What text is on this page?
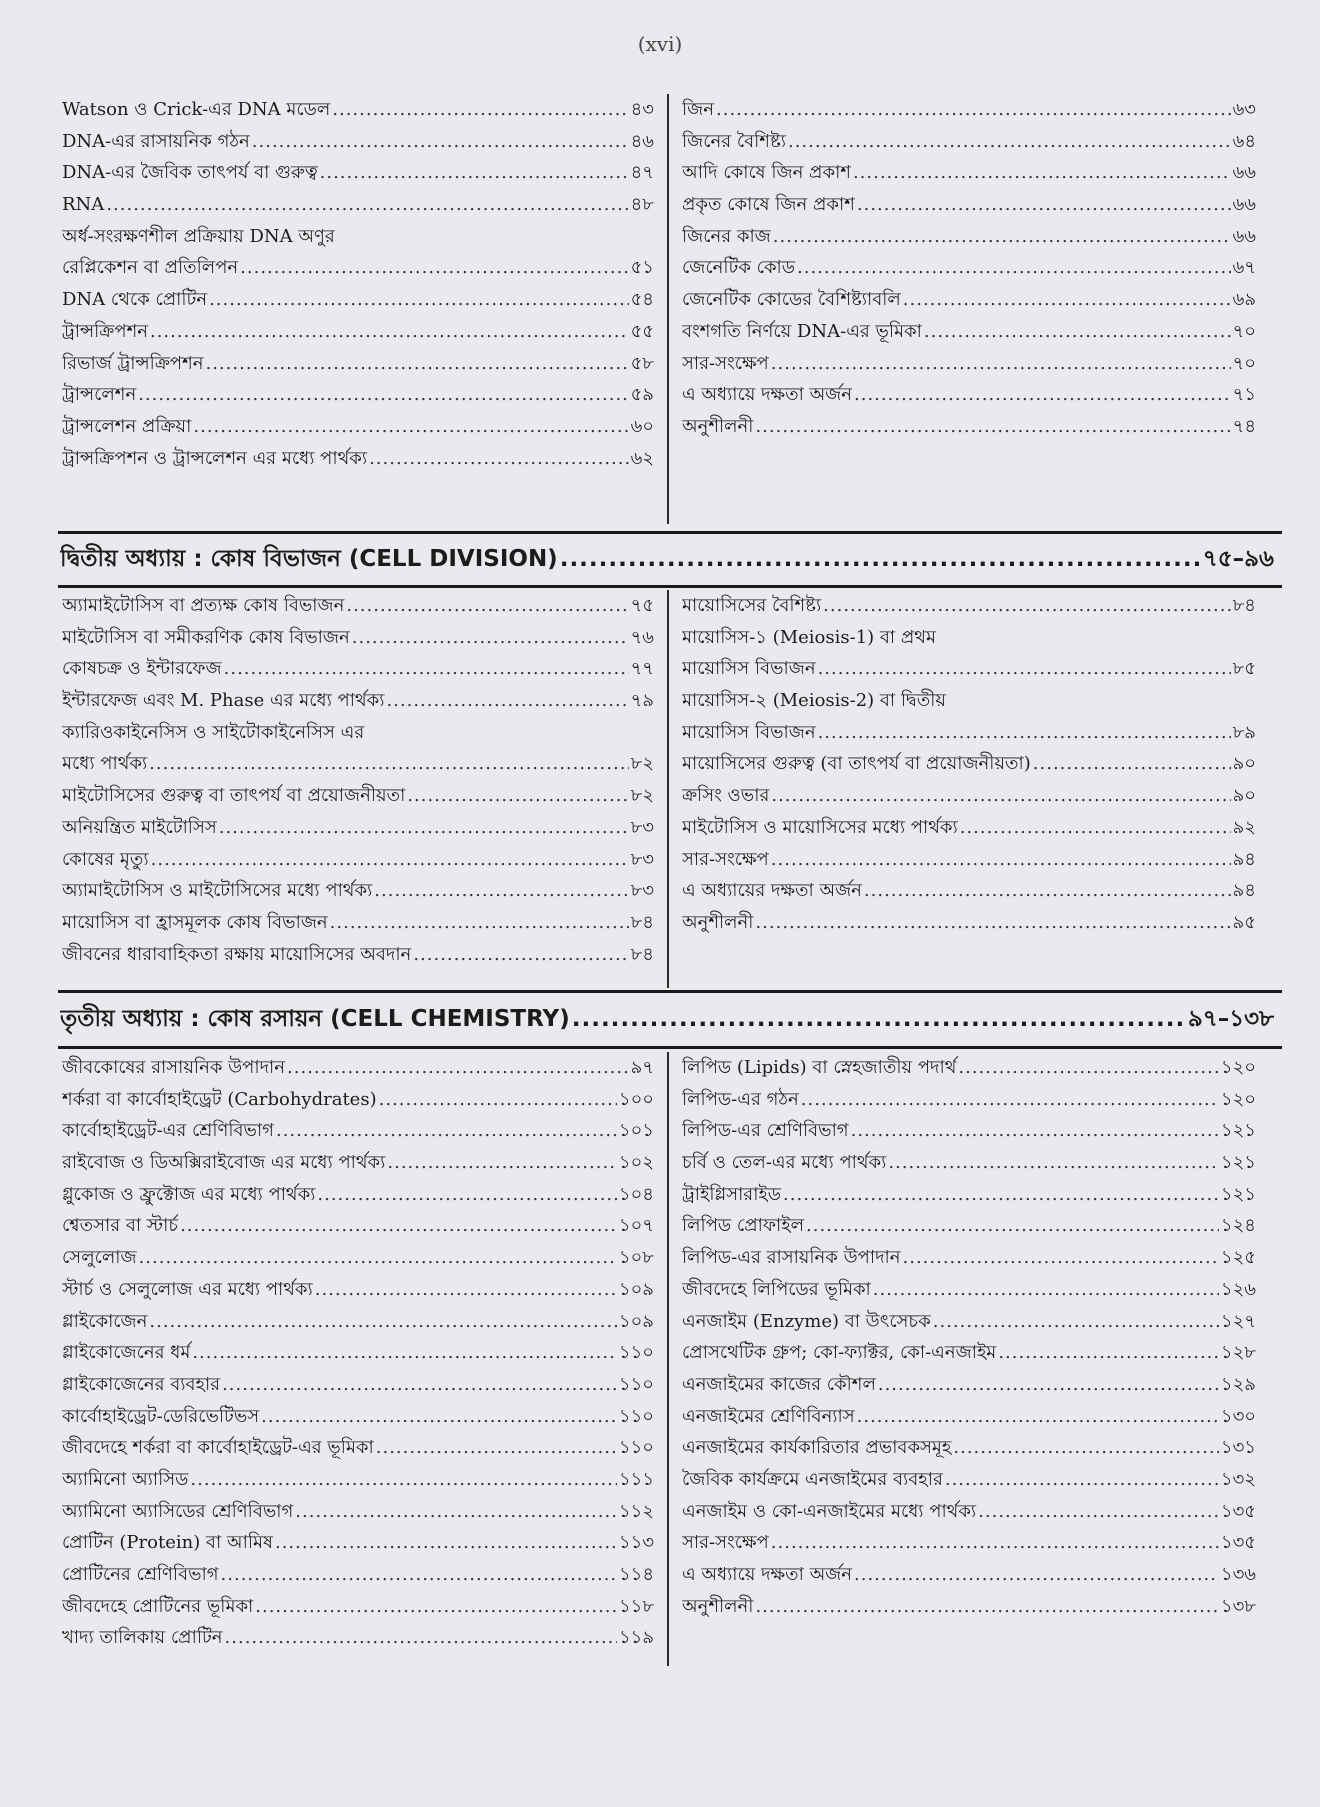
(xvi)
Watson ও Crick-এর DNA মডেল .....	৪৩
DNA-এর রাসায়নিক গঠন .....	৪৬
DNA-এর জৈবিক তাৎপর্য বা গুরুত্ব .....	৪৭
RNA .....	৪৮
অর্ধ-সংরক্ষণশীল প্রক্রিয়ায় DNA অণুর
রেপ্লিকেশন বা প্রতিলিপন .....	৫১
DNA থেকে প্রোটিন .....	৫৪
ট্রান্সক্রিপশন .....	৫৫
রিভার্জ ট্রান্সক্রিপশন .....	৫৮
ট্রান্সলেশন .....	৫৯
ট্রান্সলেশন প্রক্রিয়া .....	৬০
ট্রান্সক্রিপশন ও ট্রান্সলেশন এর মধ্যে পার্থক্য .....	৬২
জিন .....	৬৩
জিনের বৈশিষ্ট্য .....	৬৪
আদি কোষে জিন প্রকাশ .....	৬৬
প্রকৃত কোষে জিন প্রকাশ .....	৬৬
জিনের কাজ .....	৬৬
জেনেটিক কোড .....	৬৭
জেনেটিক কোডের বৈশিষ্ট্যাবলি .....	৬৯
বংশগতি নির্ণয়ে DNA-এর ভূমিকা .....	৭০
সার-সংক্ষেপ .....	৭০
এ অধ্যায়ে দক্ষতা অর্জন .....	৭১
অনুশীলনী .....	৭৪
দ্বিতীয় অধ্যায় : কোষ বিভাজন (CELL DIVISION) .....	৭৫–৯৬
অ্যামাইটোসিস বা প্রত্যক্ষ কোষ বিভাজন .....	৭৫
মাইটোসিস বা সমীকরণিক কোষ বিভাজন .....	৭৬
কোষচক্র ও ইন্টারফেজ .....	৭৭
ইন্টারফেজ এবং M. Phase এর মধ্যে পার্থক্য .....	৭৯
ক্যারিওকাইনেসিস ও সাইটোকাইনেসিস এর
মধ্যে পার্থক্য .....	৮২
মাইটোসিসের গুরুত্ব বা তাৎপর্য বা প্রয়োজনীয়তা .....	৮২
অনিয়ন্ত্রিত মাইটোসিস .....	৮৩
কোষের মৃত্যু .....	৮৩
অ্যামাইটোসিস ও মাইটোসিসের মধ্যে পার্থক্য .....	৮৩
মায়োসিস বা হ্রাসমূলক কোষ বিভাজন .....	৮৪
জীবনের ধারাবাহিকতা রক্ষায় মায়োসিসের অবদান .....	৮৪
মায়োসিসের বৈশিষ্ট্য .....	৮৪
মায়োসিস-১ (Meiosis-1) বা প্রথম
মায়োসিস বিভাজন .....	৮৫
মায়োসিস-২ (Meiosis-2) বা দ্বিতীয়
মায়োসিস বিভাজন .....	৮৯
মায়োসিসের গুরুত্ব (বা তাৎপর্য বা প্রয়োজনীয়তা) .....	৯০
ক্রসিং ওভার .....	৯০
মাইটোসিস ও মায়োসিসের মধ্যে পার্থক্য .....	৯২
সার-সংক্ষেপ .....	৯৪
এ অধ্যায়ের দক্ষতা অর্জন .....	৯৪
অনুশীলনী .....	৯৫
তৃতীয় অধ্যায় : কোষ রসায়ন (CELL CHEMISTRY) .....	৯৭–১৩৮
জীবকোষের রাসায়নিক উপাদান .....	৯৭
শর্করা বা কার্বোহাইড্রেট (Carbohydrates) .....	১০০
কার্বোহাইড্রেট-এর শ্রেণিবিভাগ .....	১০১
রাইবোজ ও ডিঅক্সিরাইবোজ এর মধ্যে পার্থক্য .....	১০২
গ্লুকোজ ও ফ্রুক্টোজ এর মধ্যে পার্থক্য .....	১০৪
শ্বেতসার বা স্টার্চ .....	১০৭
সেলুলোজ .....	১০৮
স্টার্চ ও সেলুলোজ এর মধ্যে পার্থক্য .....	১০৯
গ্লাইকোজেন .....	১০৯
গ্লাইকোজেনের ধর্ম .....	১১০
গ্লাইকোজেনের ব্যবহার .....	১১০
কার্বোহাইড্রেট-ডেরিভেটিভস .....	১১০
জীবদেহে শর্করা বা কার্বোহাইড্রেট-এর ভূমিকা .....	১১০
অ্যামিনো অ্যাসিড .....	১১১
অ্যামিনো অ্যাসিডের শ্রেণিবিভাগ .....	১১২
প্রোটিন (Protein) বা আমিষ .....	১১৩
প্রোটিনের শ্রেণিবিভাগ .....	১১৪
জীবদেহে প্রোটিনের ভূমিকা .....	১১৮
খাদ্য তালিকায় প্রোটিন .....	১১৯
লিপিড (Lipids) বা স্নেহজাতীয় পদার্থ .....	১২০
লিপিড-এর গঠন .....	১২০
লিপিড-এর শ্রেণিবিভাগ .....	১২১
চর্বি ও তেল-এর মধ্যে পার্থক্য .....	১২১
ট্রাইগ্লিসারাইড .....	১২১
লিপিড প্রোফাইল .....	১২৪
লিপিড-এর রাসায়নিক উপাদান .....	১২৫
জীবদেহে লিপিডের ভূমিকা .....	১২৬
এনজাইম (Enzyme) বা উৎসেচক .....	১২৭
প্রোসথেটিক গ্রুপ; কো-ফ্যাক্টর, কো-এনজাইম .....	১২৮
এনজাইমের কাজের কৌশল .....	১২৯
এনজাইমের শ্রেণিবিন্যাস .....	১৩০
এনজাইমের কার্যকারিতার প্রভাবকসমূহ .....	১৩১
জৈবিক কার্যক্রমে এনজাইমের ব্যবহার .....	১৩২
এনজাইম ও কো-এনজাইমের মধ্যে পার্থক্য .....	১৩৫
সার-সংক্ষেপ .....	১৩৫
এ অধ্যায়ে দক্ষতা অর্জন .....	১৩৬
অনুশীলনী .....	১৩৮
